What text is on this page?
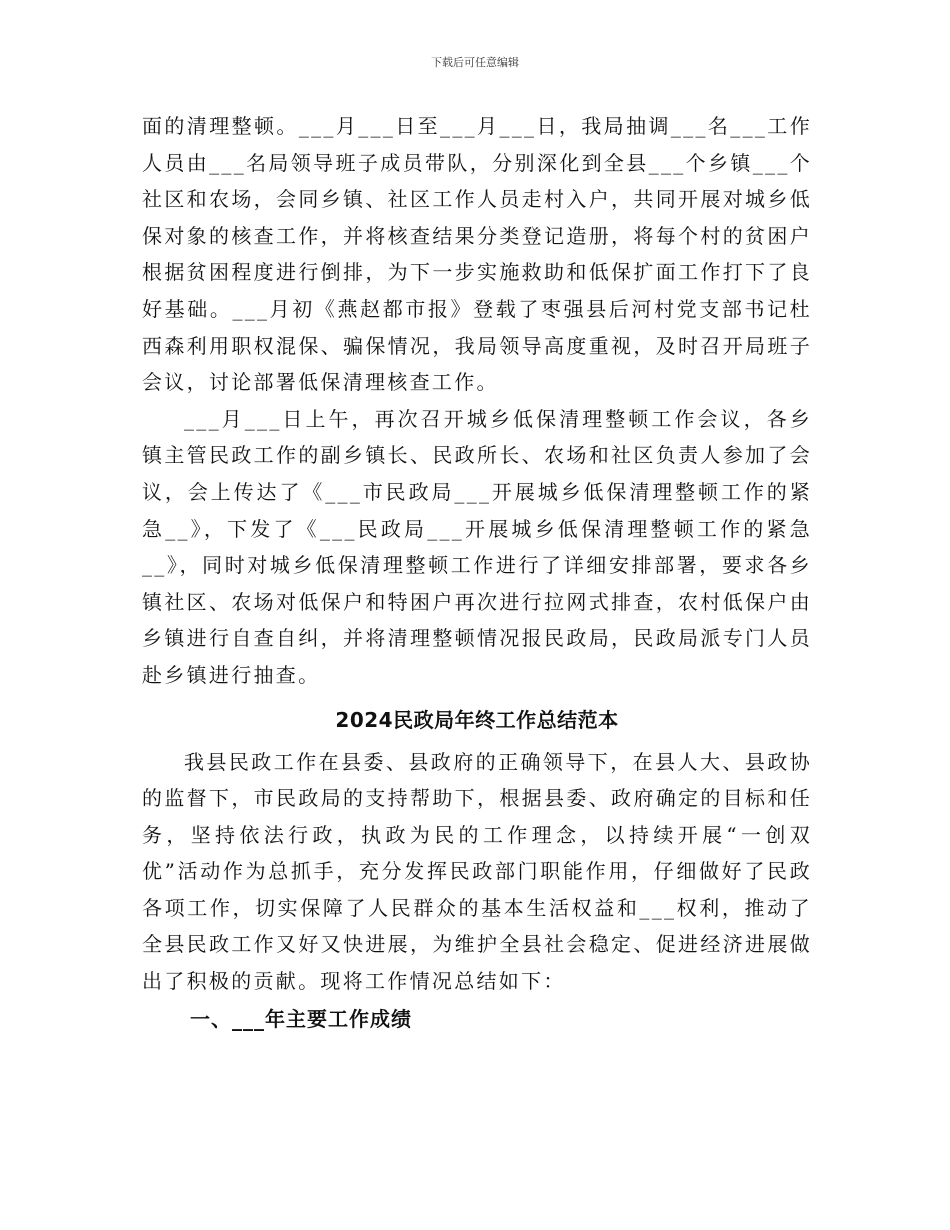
下载后可任意编辑

面的清理整顿。___月___日至___月___日，我局抽调___名___工作人员由___名局领导班子成员带队，分别深化到全县___个乡镇___个社区和农场，会同乡镇、社区工作人员走村入户，共同开展对城乡低保对象的核查工作，并将核查结果分类登记造册，将每个村的贫困户根据贫困程度进行倒排，为下一步实施救助和低保扩面工作打下了良好基础。___月初《燕赵都市报》登载了枣强县后河村党支部书记杜西森利用职权混保、骗保情况，我局领导高度重视，及时召开局班子会议，讨论部署低保清理核查工作。

___月___日上午，再次召开城乡低保清理整顿工作会议，各乡镇主管民政工作的副乡镇长、民政所长、农场和社区负责人参加了会议，会上传达了《___市民政局___开展城乡低保清理整顿工作的紧急__》，下发了《___民政局___开展城乡低保清理整顿工作的紧急__》，同时对城乡低保清理整顿工作进行了详细安排部署，要求各乡镇社区、农场对低保户和特困户再次进行拉网式排查，农村低保户由乡镇进行自查自纠，并将清理整顿情况报民政局，民政局派专门人员赴乡镇进行抽查。

2024民政局年终工作总结范本

我县民政工作在县委、县政府的正确领导下，在县人大、县政协的监督下，市民政局的支持帮助下，根据县委、政府确定的目标和任务，坚持依法行政，执政为民的工作理念，以持续开展“一创双优”活动作为总抓手，充分发挥民政部门职能作用，仔细做好了民政各项工作，切实保障了人民群众的基本生活权益和___权利，推动了全县民政工作又好又快进展，为维护全县社会稳定、促进经济进展做出了积极的贡献。现将工作情况总结如下：

一、___年主要工作成绩
